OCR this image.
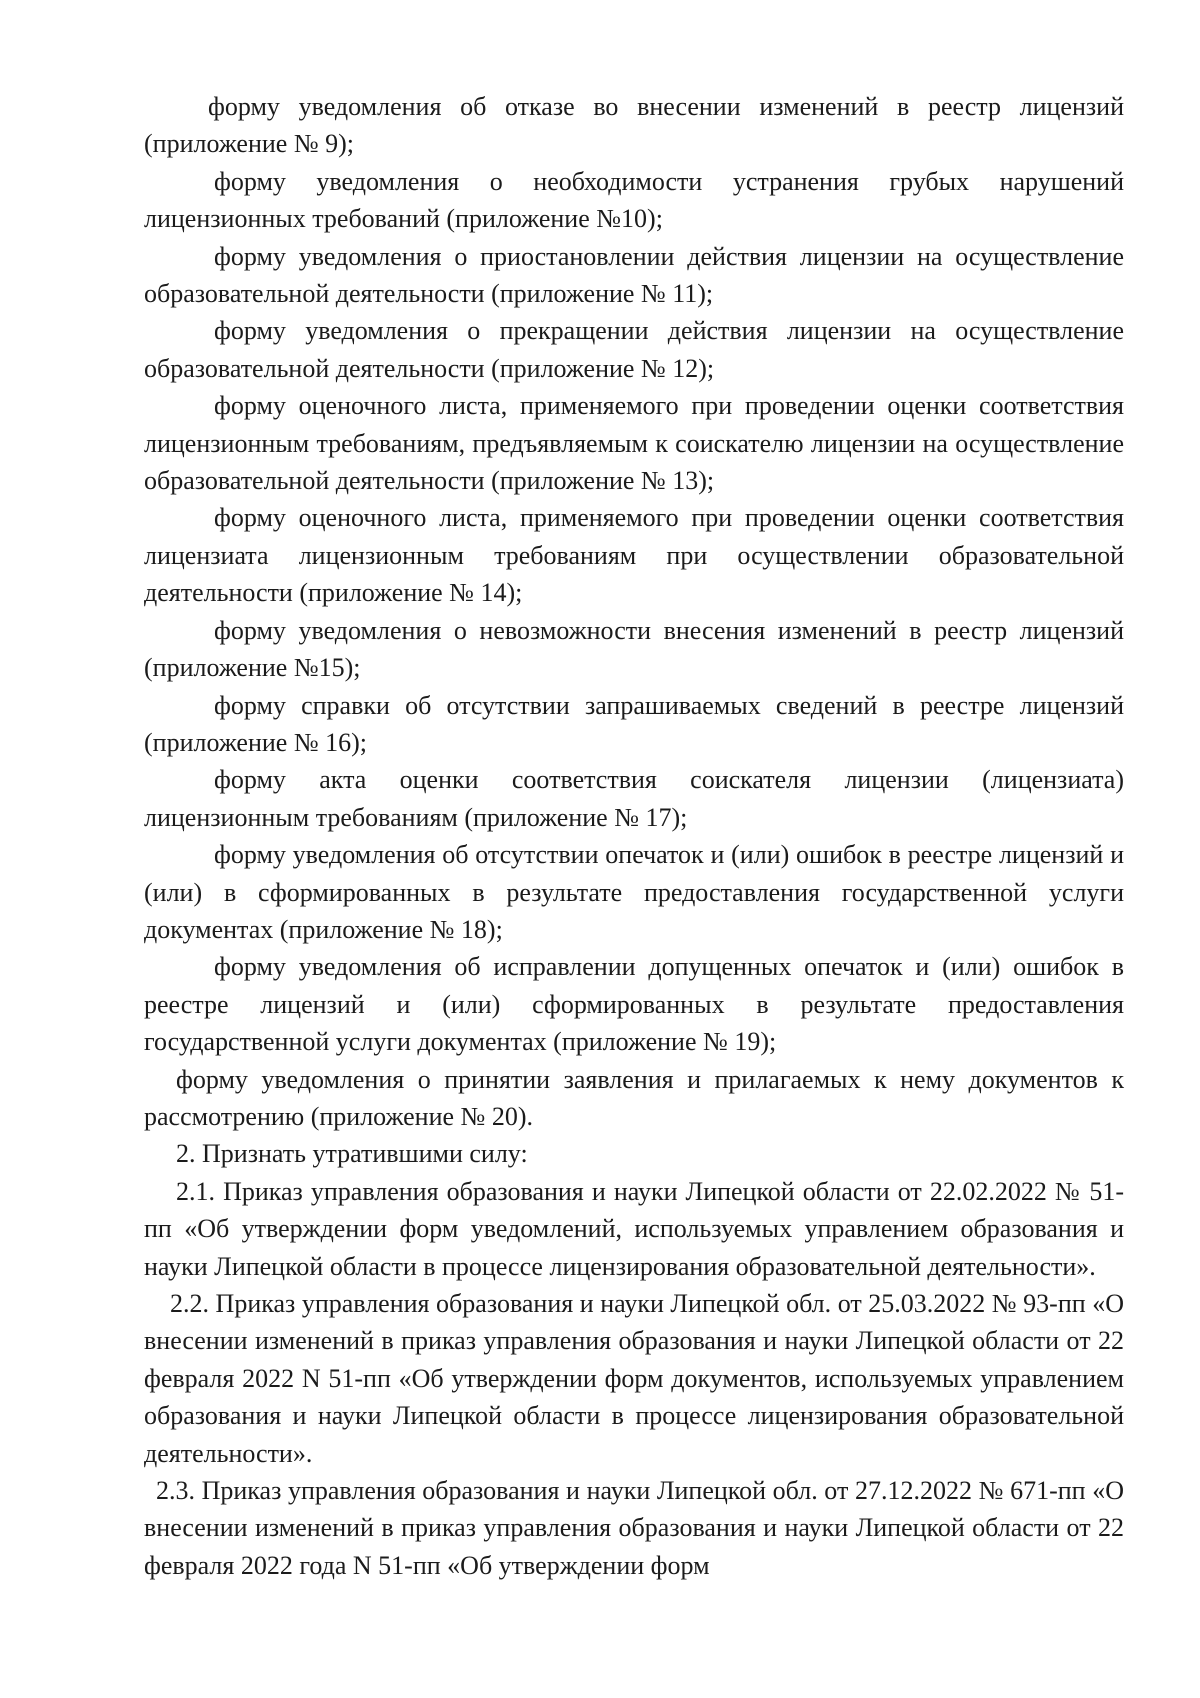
форму уведомления об отказе во внесении изменений в реестр лицензий (приложение № 9);

форму уведомления о необходимости устранения грубых нарушений лицензионных требований (приложение №10);

форму уведомления о приостановлении действия лицензии на осуществление образовательной деятельности (приложение № 11);

форму уведомления о прекращении действия лицензии на осуществление образовательной деятельности (приложение № 12);

форму оценочного листа, применяемого при проведении оценки соответствия лицензионным требованиям, предъявляемым к соискателю лицензии на осуществление образовательной деятельности (приложение № 13);

форму оценочного листа, применяемого при проведении оценки соответствия лицензиата лицензионным требованиям при осуществлении образовательной деятельности (приложение № 14);

форму уведомления о невозможности внесения изменений в реестр лицензий (приложение №15);

форму справки об отсутствии запрашиваемых сведений в реестре лицензий (приложение № 16);

форму акта оценки соответствия соискателя лицензии (лицензиата) лицензионным требованиям (приложение № 17);

форму уведомления об отсутствии опечаток и (или) ошибок в реестре лицензий и (или) в сформированных в результате предоставления государственной услуги документах (приложение № 18);

форму уведомления об исправлении допущенных опечаток и (или) ошибок в реестре лицензий и (или) сформированных в результате предоставления государственной услуги документах (приложение № 19);

форму уведомления о принятии заявления и прилагаемых к нему документов к рассмотрению (приложение № 20).

2. Признать утратившими силу:

2.1. Приказ управления образования и науки Липецкой области от 22.02.2022 № 51-пп «Об утверждении форм уведомлений, используемых управлением образования и науки Липецкой области в процессе лицензирования образовательной деятельности».

2.2. Приказ управления образования и науки Липецкой обл. от 25.03.2022 № 93-пп «О внесении изменений в приказ управления образования и науки Липецкой области от 22 февраля 2022 N 51-пп «Об утверждении форм документов, используемых управлением образования и науки Липецкой области в процессе лицензирования образовательной деятельности».

2.3. Приказ управления образования и науки Липецкой обл. от 27.12.2022 № 671-пп «О внесении изменений в приказ управления образования и науки Липецкой области от 22 февраля 2022 года N 51-пп «Об утверждении форм
